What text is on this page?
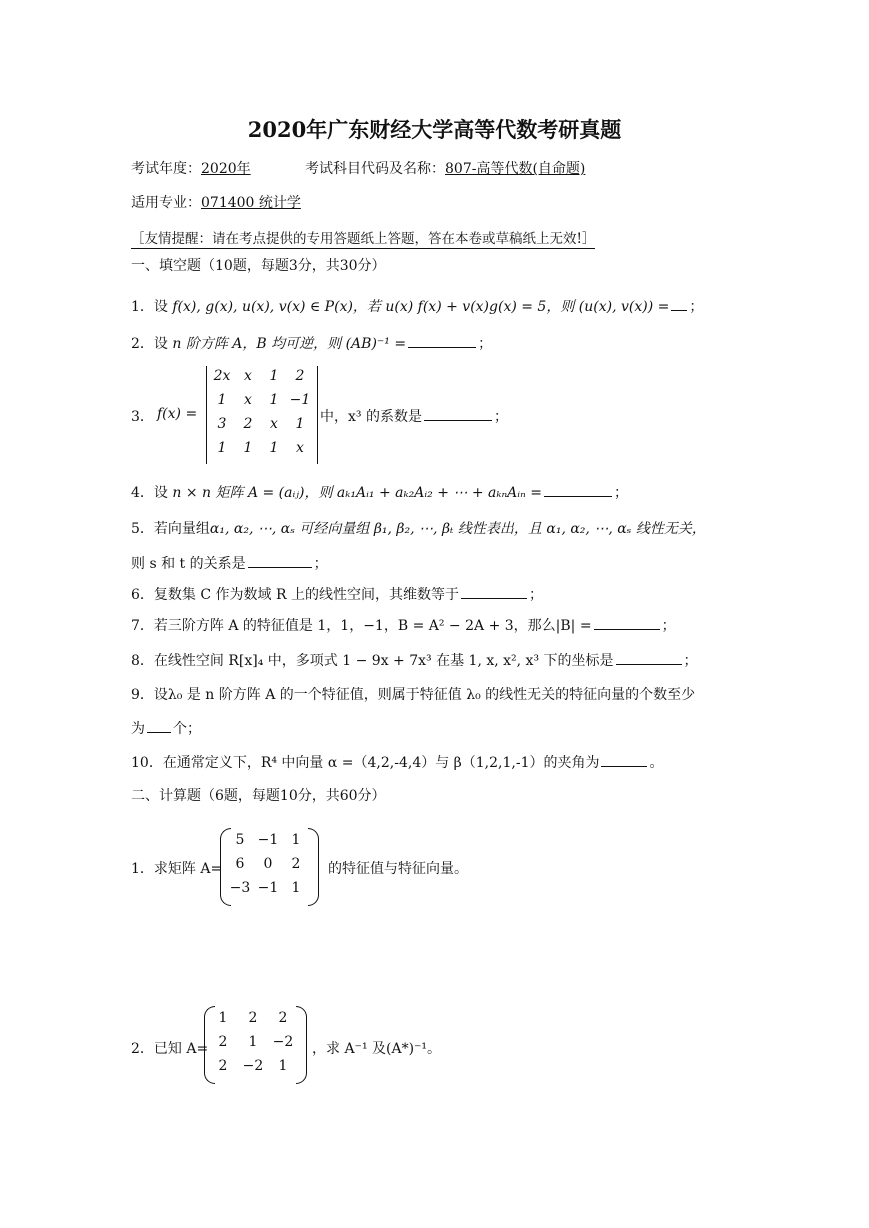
2020年广东财经大学高等代数考研真题
考试年度：2020年	考试科目代码及名称：807-高等代数(自命题)
适用专业：071400 统计学
［友情提醒：请在考点提供的专用答题纸上答题，答在本卷或草稿纸上无效!］
一、填空题（10题，每题3分，共30分）
1．设 f(x), g(x), u(x), v(x) ∈ P(x)，若 u(x) f(x) + v(x)g(x) = 5，则 (u(x), v(x)) = ；
2．设 n 阶方阵 A，B 均可逆，则 (AB)⁻¹ =	；
3． f(x) =
2x x	1	2
1	x	1 −1
3	2	x	1
1	1	1	x
中，x³ 的系数是	；
4．设 n × n 矩阵 A = (aᵢⱼ)，则 aₖ₁Aᵢ₁ + aₖ₂Aᵢ₂ + ⋯ + aₖₙAᵢₙ =	；
5．若向量组α₁, α₂, ⋯, αₛ 可经向量组 β₁, β₂, ⋯, βₜ 线性表出，且 α₁, α₂, ⋯, αₛ 线性无关，
则 s 和 t 的关系是	；
6．复数集 C 作为数域 R 上的线性空间，其维数等于	；
7．若三阶方阵 A 的特征值是 1，1，−1，B = A² − 2A + 3，那么|B| =	；
8．在线性空间 R[x]₄ 中，多项式 1 − 9x + 7x³ 在基 1, x, x², x³ 下的坐标是	；
9．设λ₀ 是 n 阶方阵 A 的一个特征值，则属于特征值 λ₀ 的线性无关的特征向量的个数至少
为 个；
10．在通常定义下，R⁴ 中向量 α =（4,2,-4,4）与 β（1,2,1,-1）的夹角为	。
二、计算题（6题，每题10分，共60分）
1．求矩阵 A=
5 −1 1
6	0	2
−3 −1 1
的特征值与特征向量。
2．已知 A=
1	2	2
2	1	−2
2	−2	1
，求 A⁻¹ 及(A*)⁻¹。
